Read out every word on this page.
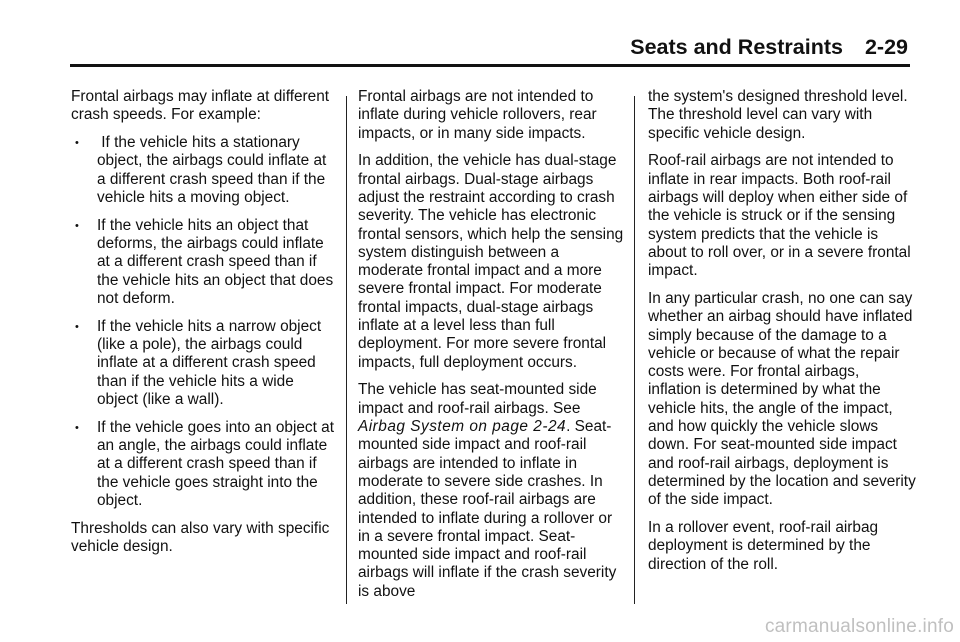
Seats and Restraints 2-29

Frontal airbags may inflate at different crash speeds. For example:

• If the vehicle hits a stationary object, the airbags could inflate at a different crash speed than if the vehicle hits a moving object.
• If the vehicle hits an object that deforms, the airbags could inflate at a different crash speed than if the vehicle hits an object that does not deform.
• If the vehicle hits a narrow object (like a pole), the airbags could inflate at a different crash speed than if the vehicle hits a wide object (like a wall).
• If the vehicle goes into an object at an angle, the airbags could inflate at a different crash speed than if the vehicle goes straight into the object.

Thresholds can also vary with specific vehicle design.

Frontal airbags are not intended to inflate during vehicle rollovers, rear impacts, or in many side impacts.

In addition, the vehicle has dual-stage frontal airbags. Dual-stage airbags adjust the restraint according to crash severity. The vehicle has electronic frontal sensors, which help the sensing system distinguish between a moderate frontal impact and a more severe frontal impact. For moderate frontal impacts, dual-stage airbags inflate at a level less than full deployment. For more severe frontal impacts, full deployment occurs.

The vehicle has seat-mounted side impact and roof-rail airbags. See Airbag System on page 2-24. Seat-mounted side impact and roof-rail airbags are intended to inflate in moderate to severe side crashes. In addition, these roof-rail airbags are intended to inflate during a rollover or in a severe frontal impact. Seat-mounted side impact and roof-rail airbags will inflate if the crash severity is above

the system's designed threshold level. The threshold level can vary with specific vehicle design.

Roof-rail airbags are not intended to inflate in rear impacts. Both roof-rail airbags will deploy when either side of the vehicle is struck or if the sensing system predicts that the vehicle is about to roll over, or in a severe frontal impact.

In any particular crash, no one can say whether an airbag should have inflated simply because of the damage to a vehicle or because of what the repair costs were. For frontal airbags, inflation is determined by what the vehicle hits, the angle of the impact, and how quickly the vehicle slows down. For seat-mounted side impact and roof-rail airbags, deployment is determined by the location and severity of the side impact.

In a rollover event, roof-rail airbag deployment is determined by the direction of the roll.

carmanualsonline.info
